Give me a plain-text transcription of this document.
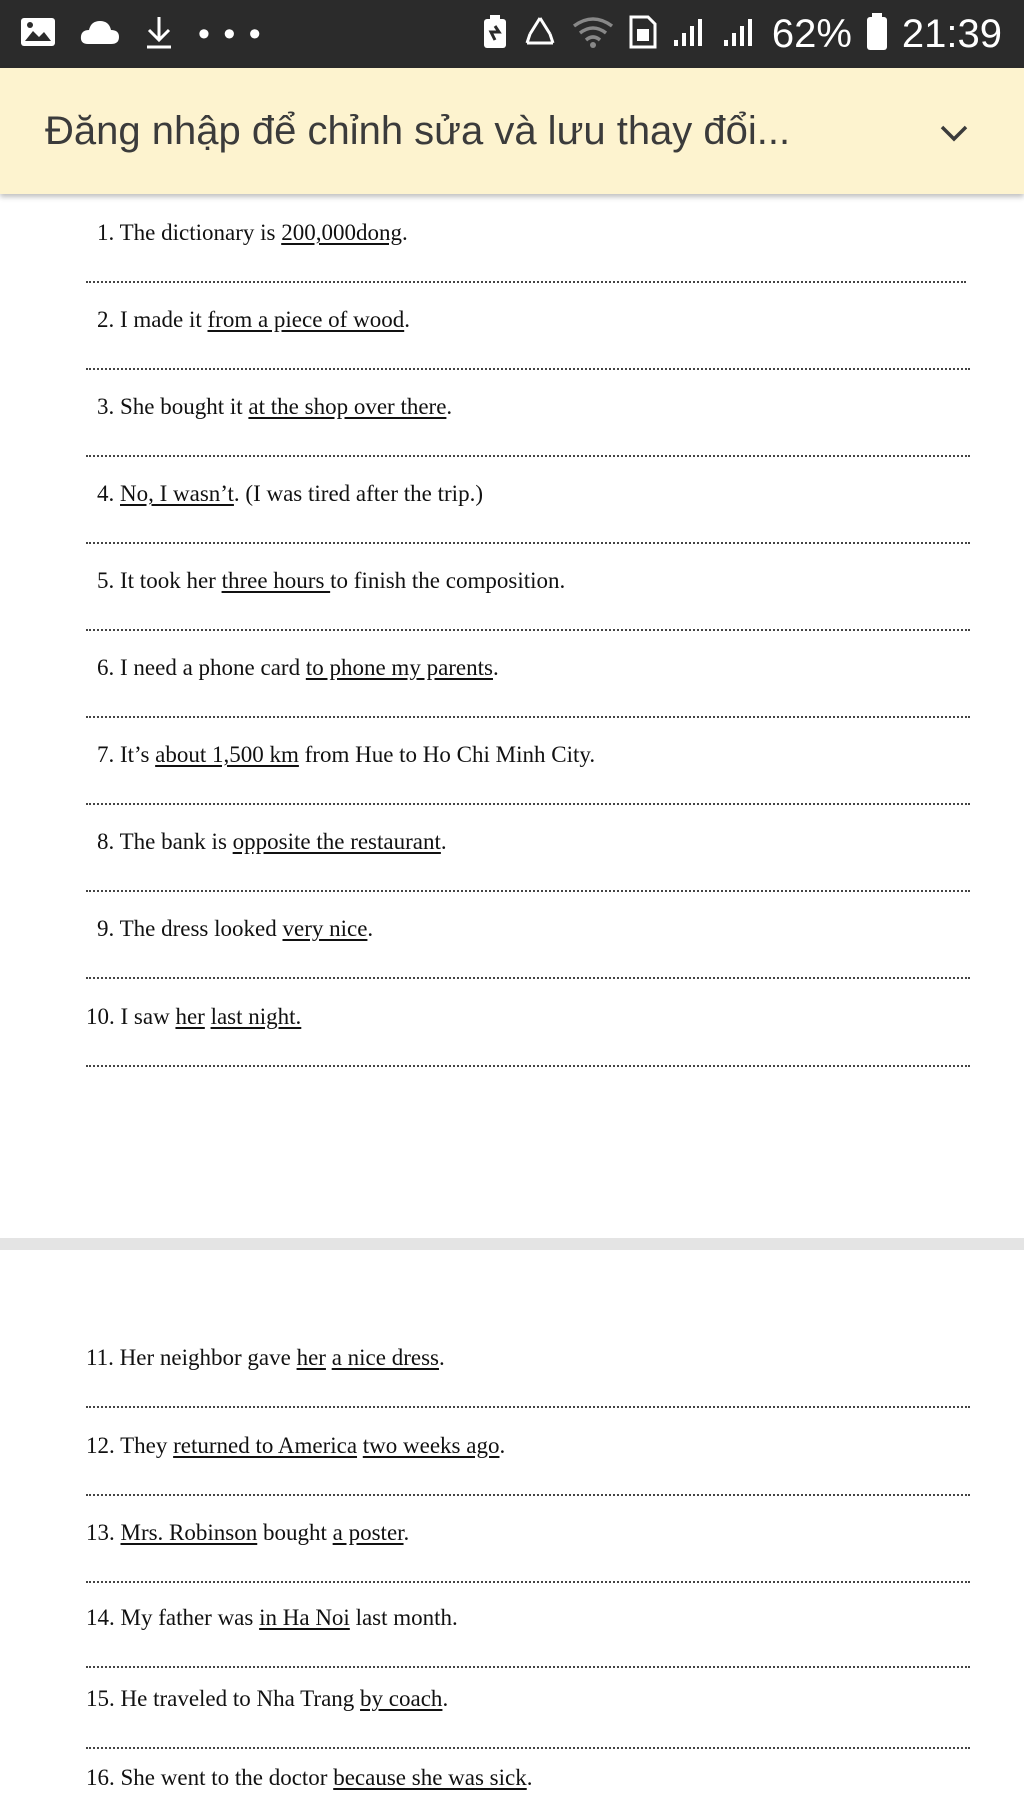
• • •	62% 21:39
Đăng nhập để chỉnh sửa và lưu thay đổi...
1. The dictionary is 200,000dong.
2. I made it from a piece of wood.
3. She bought it at the shop over there.
4. No, I wasn’t. (I was tired after the trip.)
5. It took her three hours to finish the composition.
6. I need a phone card to phone my parents.
7. It’s about 1,500 km from Hue to Ho Chi Minh City.
8. The bank is opposite the restaurant.
9. The dress looked very nice.
10. I saw her last night.
11. Her neighbor gave her a nice dress.
12. They returned to America two weeks ago.
13. Mrs. Robinson bought a poster.
14. My father was in Ha Noi last month.
15. He traveled to Nha Trang by coach.
16. She went to the doctor because she was sick.
